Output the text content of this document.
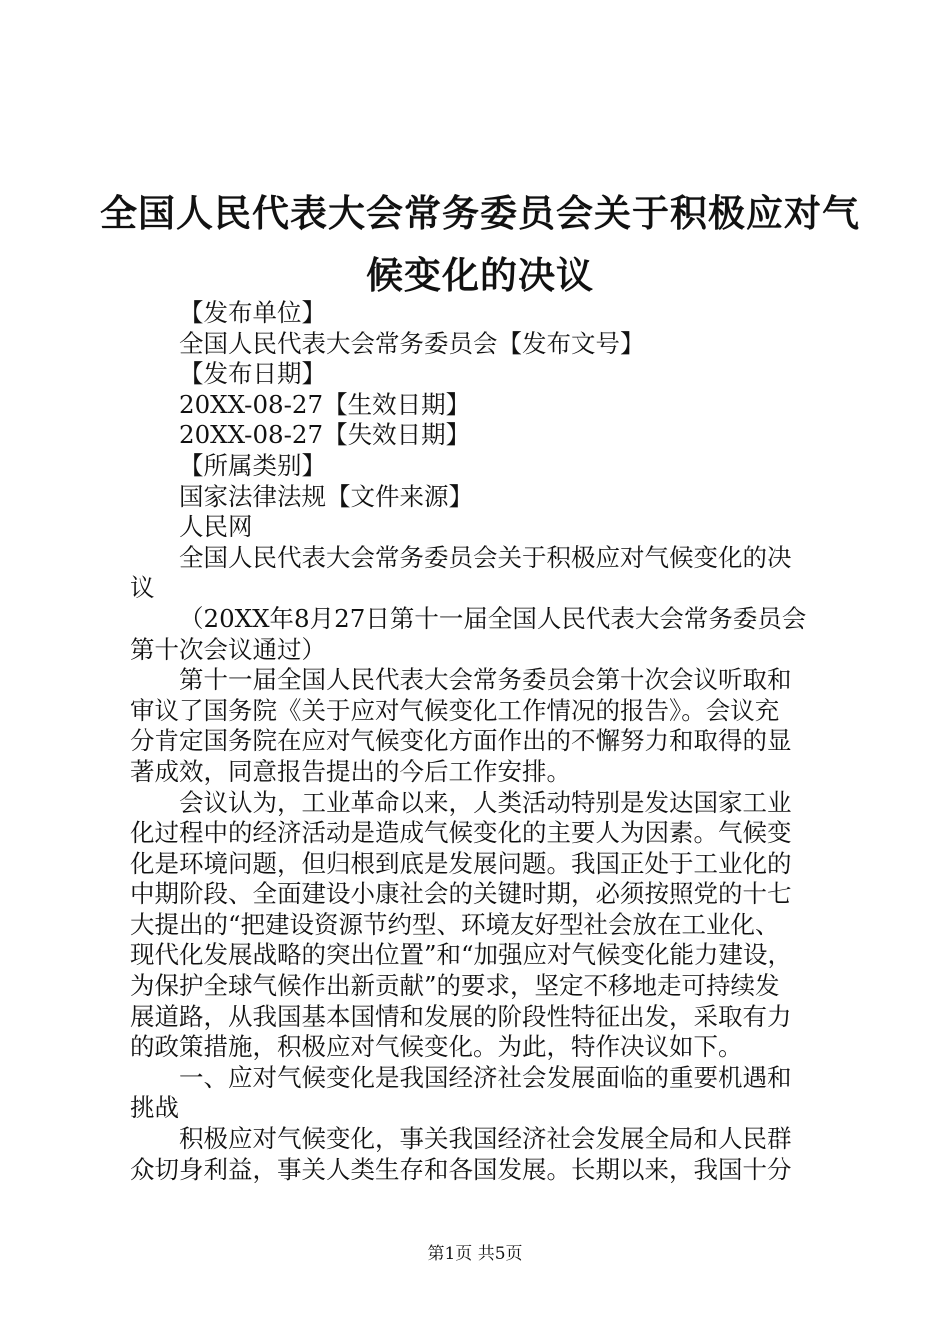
全国人民代表大会常务委员会关于积极应对气
候变化的决议

【发布单位】

全国人民代表大会常务委员会【发布文号】

【发布日期】

20XX-08-27【生效日期】

20XX-08-27【失效日期】

【所属类别】

国家法律法规【文件来源】

人民网

全国人民代表大会常务委员会关于积极应对气候变化的决

议

（20XX年8月27日第十一届全国人民代表大会常务委员会

第十次会议通过）

第十一届全国人民代表大会常务委员会第十次会议听取和

审议了国务院《关于应对气候变化工作情况的报告》。会议充

分肯定国务院在应对气候变化方面作出的不懈努力和取得的显

著成效，同意报告提出的今后工作安排。

会议认为，工业革命以来，人类活动特别是发达国家工业

化过程中的经济活动是造成气候变化的主要人为因素。气候变

化是环境问题，但归根到底是发展问题。我国正处于工业化的

中期阶段、全面建设小康社会的关键时期，必须按照党的十七

大提出的“把建设资源节约型、环境友好型社会放在工业化、

现代化发展战略的突出位置”和“加强应对气候变化能力建设，

为保护全球气候作出新贡献”的要求，坚定不移地走可持续发

展道路，从我国基本国情和发展的阶段性特征出发，采取有力

的政策措施，积极应对气候变化。为此，特作决议如下。

一、应对气候变化是我国经济社会发展面临的重要机遇和

挑战

积极应对气候变化，事关我国经济社会发展全局和人民群

众切身利益，事关人类生存和各国发展。长期以来，我国十分

第1页 共5页
